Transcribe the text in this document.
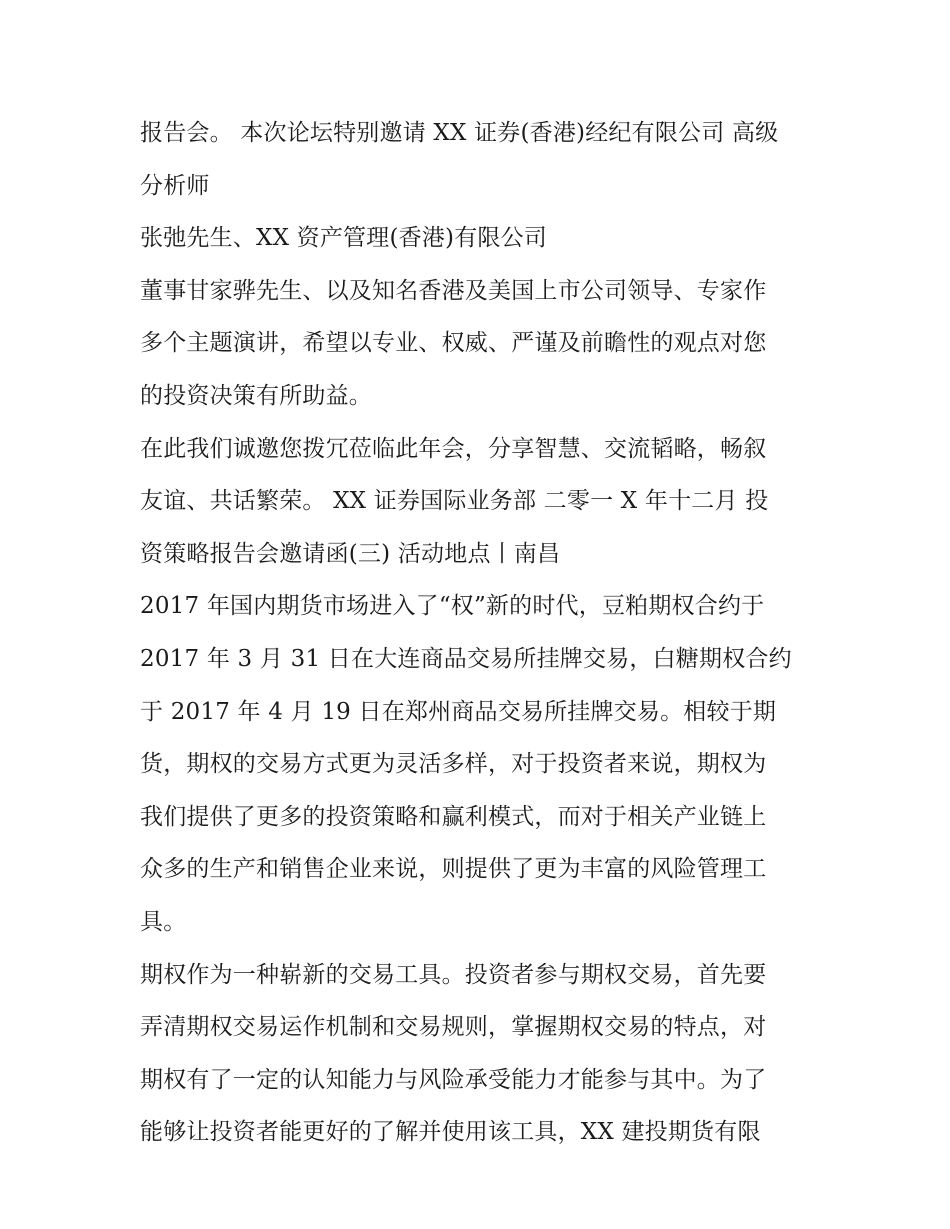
报告会。 本次论坛特别邀请 XX 证券(香港)经纪有限公司 高级
分析师
张弛先生、XX 资产管理(香港)有限公司
董事甘家骅先生、以及知名香港及美国上市公司领导、专家作
多个主题演讲，希望以专业、权威、严谨及前瞻性的观点对您
的投资决策有所助益。
在此我们诚邀您拨冗莅临此年会，分享智慧、交流韬略，畅叙
友谊、共话繁荣。 XX 证券国际业务部 二零一 X 年十二月 投
资策略报告会邀请函(三) 活动地点丨南昌
2017 年国内期货市场进入了“权”新的时代，豆粕期权合约于
2017 年 3 月 31 日在大连商品交易所挂牌交易，白糖期权合约
于 2017 年 4 月 19 日在郑州商品交易所挂牌交易。相较于期
货，期权的交易方式更为灵活多样，对于投资者来说，期权为
我们提供了更多的投资策略和赢利模式，而对于相关产业链上
众多的生产和销售企业来说，则提供了更为丰富的风险管理工
具。
期权作为一种崭新的交易工具。投资者参与期权交易，首先要
弄清期权交易运作机制和交易规则，掌握期权交易的特点，对
期权有了一定的认知能力与风险承受能力才能参与其中。为了
能够让投资者能更好的了解并使用该工具，XX 建投期货有限
